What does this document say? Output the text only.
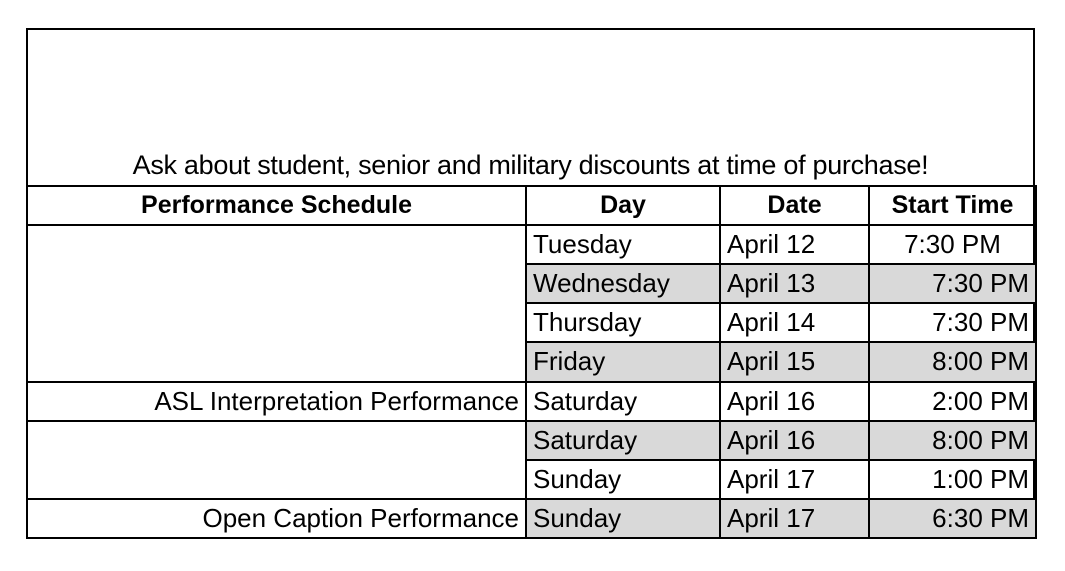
Ask about student, senior and military discounts at time of purchase!
Performance Schedule	Day	Date	Start Time
	Tuesday	April 12	7:30 PM
	Wednesday	April 13	7:30 PM
	Thursday	April 14	7:30 PM
	Friday	April 15	8:00 PM
ASL Interpretation Performance	Saturday	April 16	2:00 PM
	Saturday	April 16	8:00 PM
	Sunday	April 17	1:00 PM
Open Caption Performance	Sunday	April 17	6:30 PM
